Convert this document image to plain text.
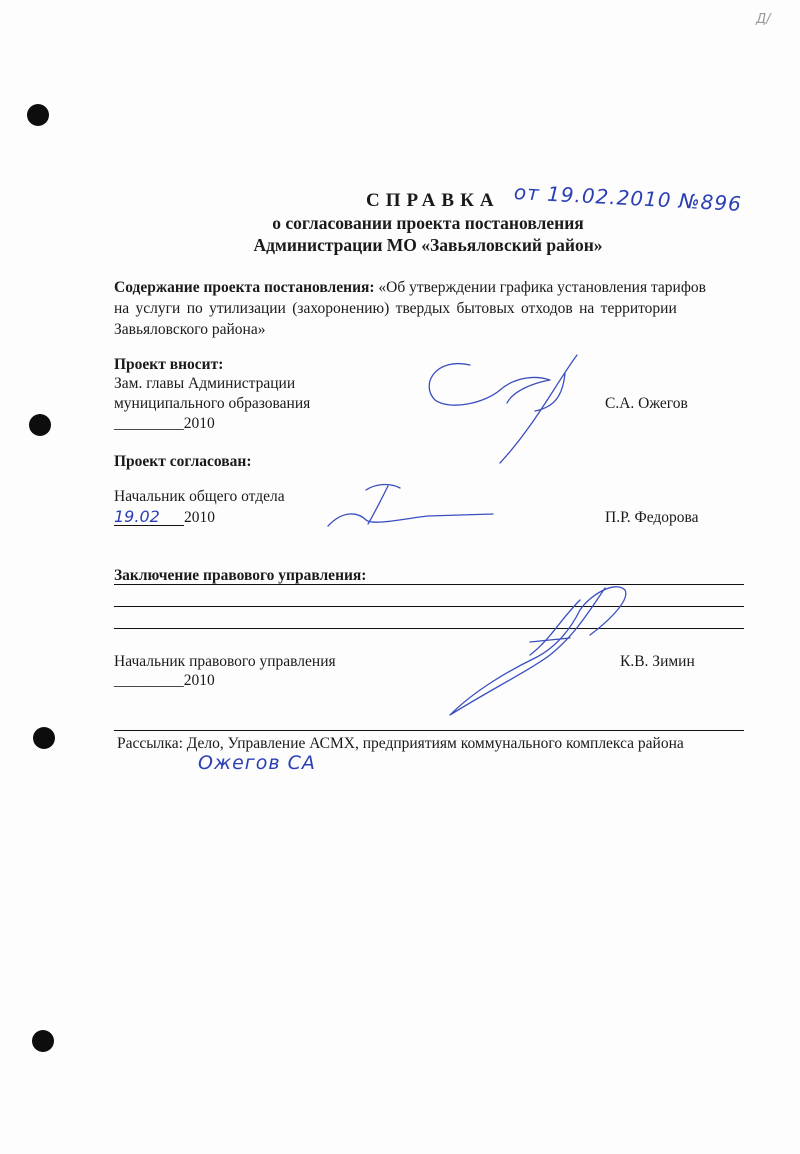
Д/
СПРАВКА от 19.02.2010 №896
о согласовании проекта постановления
Администрации МО «Завьяловский район»
Содержание проекта постановления: «Об утверждении графика установления тарифов
на услуги по утилизации (захоронению) твердых бытовых отходов на территории
Завьяловского района»
Проект вносит:
Зам. главы Администрации
муниципального образования
_________2010
С.А. Ожегов
Проект согласован:
Начальник общего отдела
19.02 2010	П.Р. Федорова
Заключение правового управления:
Начальник правового управления
_________2010
К.В. Зимин
Рассылка: Дело, Управление АСМХ, предприятиям коммунального комплекса района
Ожегов СА
